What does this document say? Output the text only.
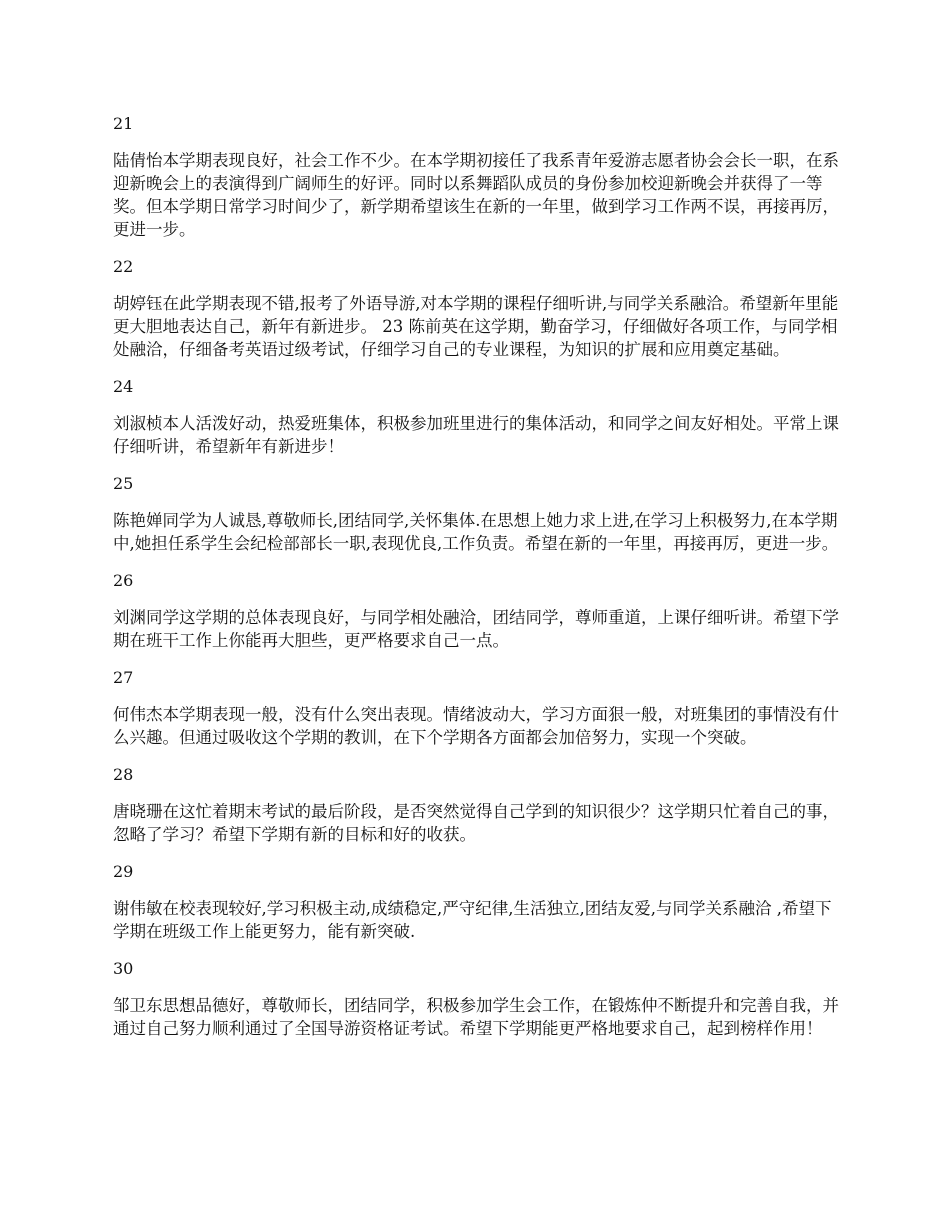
21

陆倩怡本学期表现良好，社会工作不少。在本学期初接任了我系青年爱游志愿者协会会长一职，在系迎新晚会上的表演得到广阔师生的好评。同时以系舞蹈队成员的身份参加校迎新晚会并获得了一等奖。但本学期日常学习时间少了，新学期希望该生在新的一年里，做到学习工作两不误，再接再厉，更进一步。

22

胡婷钰在此学期表现不错,报考了外语导游,对本学期的课程仔细听讲,与同学关系融洽。希望新年里能更大胆地表达自己，新年有新进步。 23 陈前英在这学期，勤奋学习，仔细做好各项工作，与同学相处融洽，仔细备考英语过级考试，仔细学习自己的专业课程，为知识的扩展和应用奠定基础。

24

刘淑桢本人活泼好动，热爱班集体，积极参加班里进行的集体活动，和同学之间友好相处。平常上课仔细听讲，希望新年有新进步！

25

陈艳婵同学为人诚恳,尊敬师长,团结同学,关怀集体.在思想上她力求上进,在学习上积极努力,在本学期中,她担任系学生会纪检部部长一职,表现优良,工作负责。希望在新的一年里，再接再厉，更进一步。

26

刘渊同学这学期的总体表现良好，与同学相处融洽，团结同学，尊师重道，上课仔细听讲。希望下学期在班干工作上你能再大胆些，更严格要求自己一点。

27

何伟杰本学期表现一般，没有什么突出表现。情绪波动大，学习方面狠一般，对班集团的事情没有什么兴趣。但通过吸收这个学期的教训，在下个学期各方面都会加倍努力，实现一个突破。

28

唐晓珊在这忙着期末考试的最后阶段，是否突然觉得自己学到的知识很少？这学期只忙着自己的事，忽略了学习？希望下学期有新的目标和好的收获。

29

谢伟敏在校表现较好,学习积极主动,成绩稳定,严守纪律,生活独立,团结友爱,与同学关系融洽 ,希望下学期在班级工作上能更努力，能有新突破.

30

邹卫东思想品德好，尊敬师长，团结同学，积极参加学生会工作，在锻炼仲不断提升和完善自我，并通过自己努力顺利通过了全国导游资格证考试。希望下学期能更严格地要求自己，起到榜样作用！
